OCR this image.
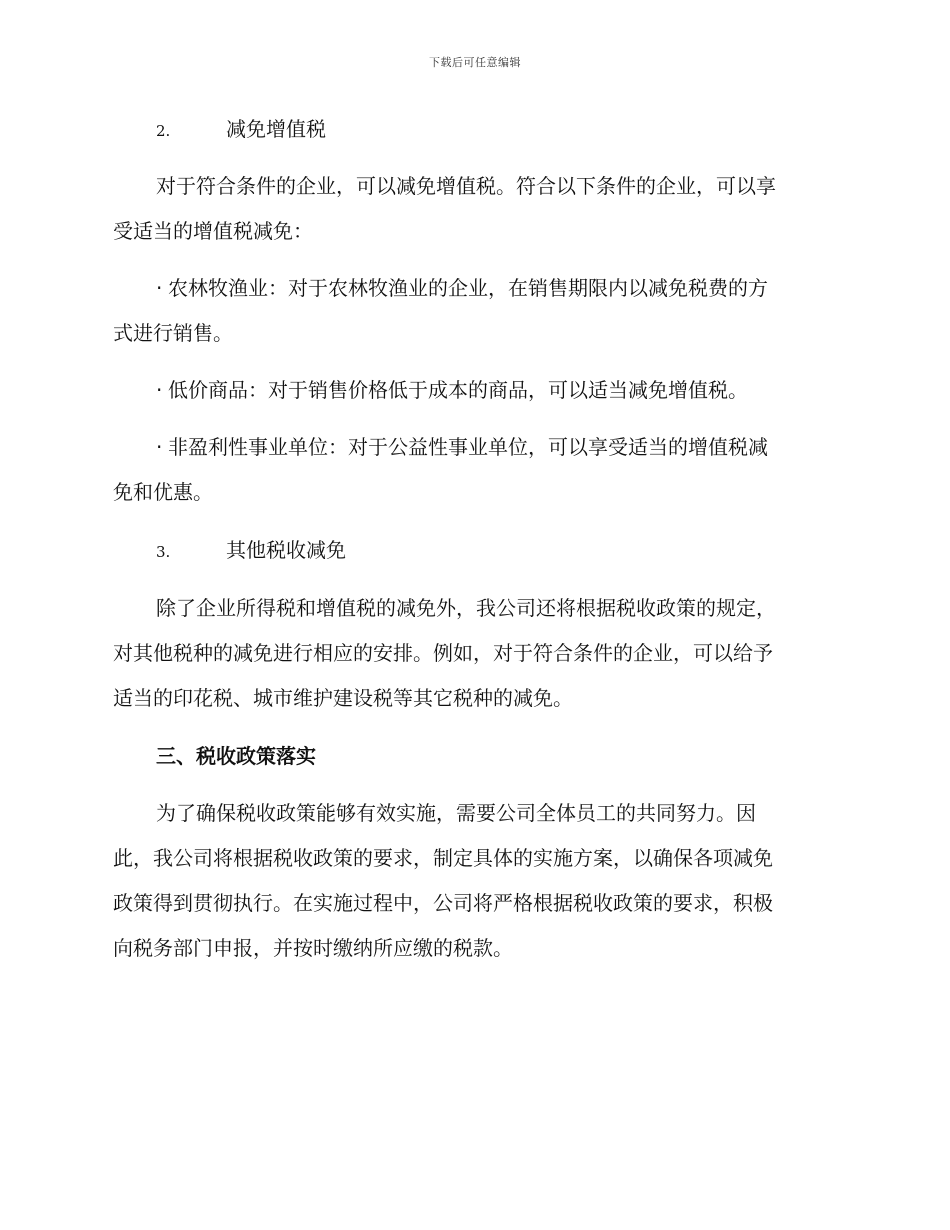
下载后可任意编辑
2.	减免增值税
对于符合条件的企业，可以减免增值税。符合以下条件的企业，可以享
受适当的增值税减免：
· 农林牧渔业：对于农林牧渔业的企业，在销售期限内以减免税费的方
式进行销售。
· 低价商品：对于销售价格低于成本的商品，可以适当减免增值税。
· 非盈利性事业单位：对于公益性事业单位，可以享受适当的增值税减
免和优惠。
3.	其他税收减免
除了企业所得税和增值税的减免外，我公司还将根据税收政策的规定，
对其他税种的减免进行相应的安排。例如，对于符合条件的企业，可以给予
适当的印花税、城市维护建设税等其它税种的减免。
三、税收政策落实
为了确保税收政策能够有效实施，需要公司全体员工的共同努力。因
此，我公司将根据税收政策的要求，制定具体的实施方案，以确保各项减免
政策得到贯彻执行。在实施过程中，公司将严格根据税收政策的要求，积极
向税务部门申报，并按时缴纳所应缴的税款。
